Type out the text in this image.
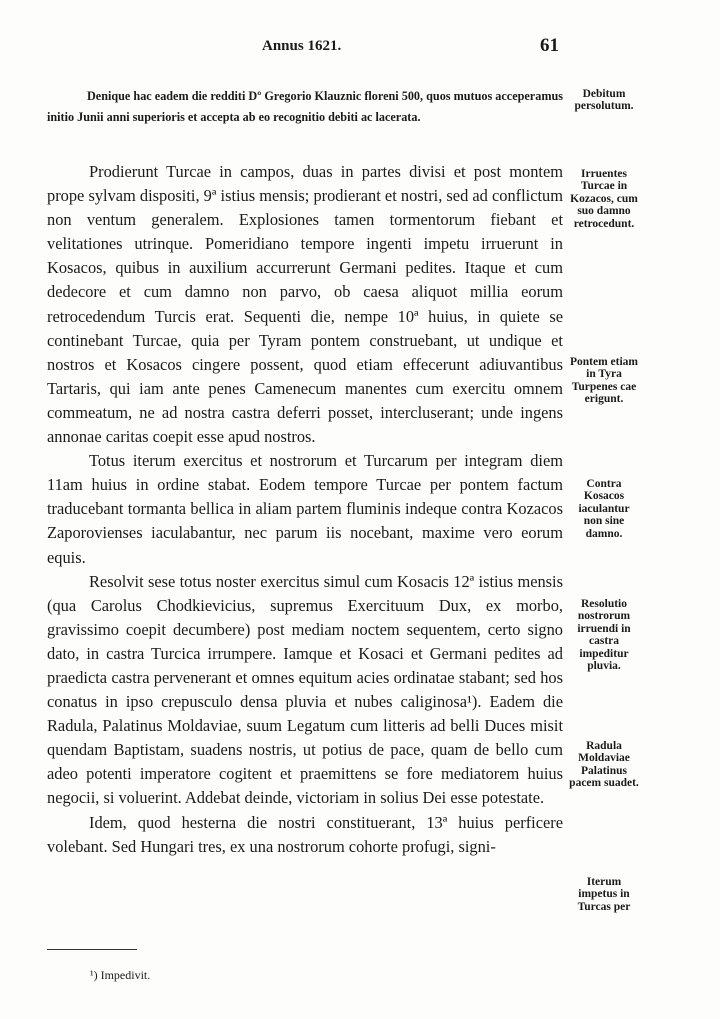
Annus 1621.	61
Denique hac eadem die redditi Dº Gregorio Klauznic floreni 500, quos mutuos acceperamus initio Junii anni superioris et accepta ab eo recognitio debiti ac lacerata.

Prodierunt Turcae in campos, duas in partes divisi et post montem prope sylvam dispositi, 9ª istius mensis; prodierant et nostri, sed ad conflictum non ventum generalem. Explosiones tamen tormentorum fiebant et velitationes utrinque. Pomeridiano tempore ingenti impetu irruerunt in Kosacos, quibus in auxilium accurrerunt Germani pedites. Itaque et cum dedecore et cum damno non parvo, ob caesa aliquot millia eorum retrocedendum Turcis erat. Sequenti die, nempe 10ª huius, in quiete se continebant Turcae, quia per Tyram pontem construebant, ut undique et nostros et Kosacos cingere possent, quod etiam effecerunt adiuvantibus Tartaris, qui iam ante penes Camenecum manentes cum exercitu omnem commeatum, ne ad nostra castra deferri posset, intercluserant; unde ingens annonae caritas coepit esse apud nostros.

Totus iterum exercitus et nostrorum et Turcarum per integram diem 11am huius in ordine stabat. Eodem tempore Turcae per pontem factum traducebant tormanta bellica in aliam partem fluminis indeque contra Kozacos Zaporovienses iaculabantur, nec parum iis nocebant, maxime vero eorum equis.

Resolvit sese totus noster exercitus simul cum Kosacis 12ª istius mensis (qua Carolus Chodkievicius, supremus Exercituum Dux, ex morbo, gravissimo coepit decumbere) post mediam noctem sequentem, certo signo dato, in castra Turcica irrumpere. Iamque et Kosaci et Germani pedites ad praedicta castra pervenerant et omnes equitum acies ordinatae stabant; sed hos conatus in ipso crepusculo densa pluvia et nubes caliginosa¹). Eadem die Radula, Palatinus Moldaviae, suum Legatum cum litteris ad belli Duces misit quendam Baptistam, suadens nostris, ut potius de pace, quam de bello cum adeo potenti imperatore cogitent et praemittens se fore mediatorem huius negocii, si voluerint. Addebat deinde, victoriam in solius Dei esse potestate.

Idem, quod hesterna die nostri constituerant, 13ª huius perficere volebant. Sed Hungari tres, ex una nostrorum cohorte profugi, signi-

Debitum persolutum.
Irruentes Turcae in Kozacos, cum suo damno retrocedunt.
Pontem etiam in Tyra Turpenes cae erigunt.
Contra Kosacos iaculantur non sine damno.
Resolutio nostrorum irruendi in castra impeditur pluvia.
Radula Moldaviae Palatinus pacem suadet.
Iterum impetus in Turcas per
¹) Impedivit.
